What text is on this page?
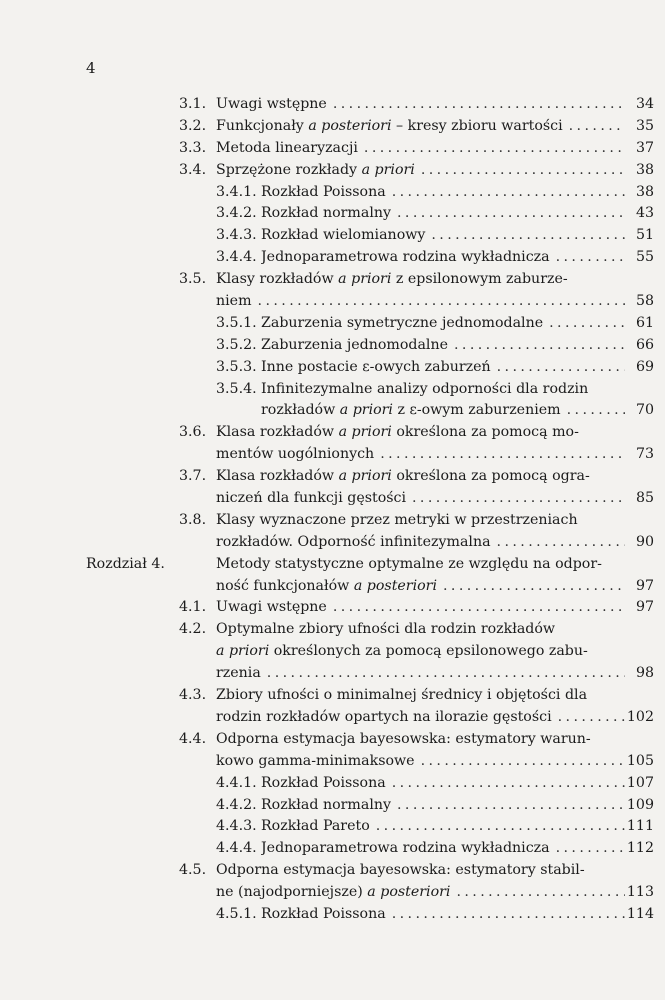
4
3.1. Uwagi wstępne . . .	34
3.2. Funkcjonały a posteriori – kresy zbioru wartości . . .	35
3.3. Metoda linearyzacji . . .	37
3.4. Sprzężone rozkłady a priori . . .	38
3.4.1. Rozkład Poissona . . .	38
3.4.2. Rozkład normalny . . .	43
3.4.3. Rozkład wielomianowy . . .	51
3.4.4. Jednoparametrowa rodzina wykładnicza . . .	55
3.5. Klasy rozkładów a priori z epsilonowym zaburze-
niem . . .	58
3.5.1. Zaburzenia symetryczne jednomodalne . . .	61
3.5.2. Zaburzenia jednomodalne . . .	66
3.5.3. Inne postacie ε-owych zaburzeń . . .	69
3.5.4. Infinitezymalne analizy odporności dla rodzin
rozkładów a priori z ε-owym zaburzeniem . . .	70
3.6. Klasa rozkładów a priori określona za pomocą mo-
mentów uogólnionych . . .	73
3.7. Klasa rozkładów a priori określona za pomocą ogra-
niczeń dla funkcji gęstości . . .	85
3.8. Klasy wyznaczone przez metryki w przestrzeniach
rozkładów. Odporność infinitezymalna . . .	90
Rozdział 4.	Metody statystyczne optymalne ze względu na odpor-
ność funkcjonałów a posteriori . . .	97
4.1. Uwagi wstępne . . .	97
4.2. Optymalne zbiory ufności dla rodzin rozkładów
a priori określonych za pomocą epsilonowego zabu-
rzenia . . .	98
4.3. Zbiory ufności o minimalnej średnicy i objętości dla
rodzin rozkładów opartych na ilorazie gęstości . . .	102
4.4. Odporna estymacja bayesowska: estymatory warun-
kowo gamma-minimaksowe . . .	105
4.4.1. Rozkład Poissona . . .	107
4.4.2. Rozkład normalny . . .	109
4.4.3. Rozkład Pareto . . .	111
4.4.4. Jednoparametrowa rodzina wykładnicza . . .	112
4.5. Odporna estymacja bayesowska: estymatory stabil-
ne (najodporniejsze) a posteriori . . .	113
4.5.1. Rozkład Poissona . . .	114
